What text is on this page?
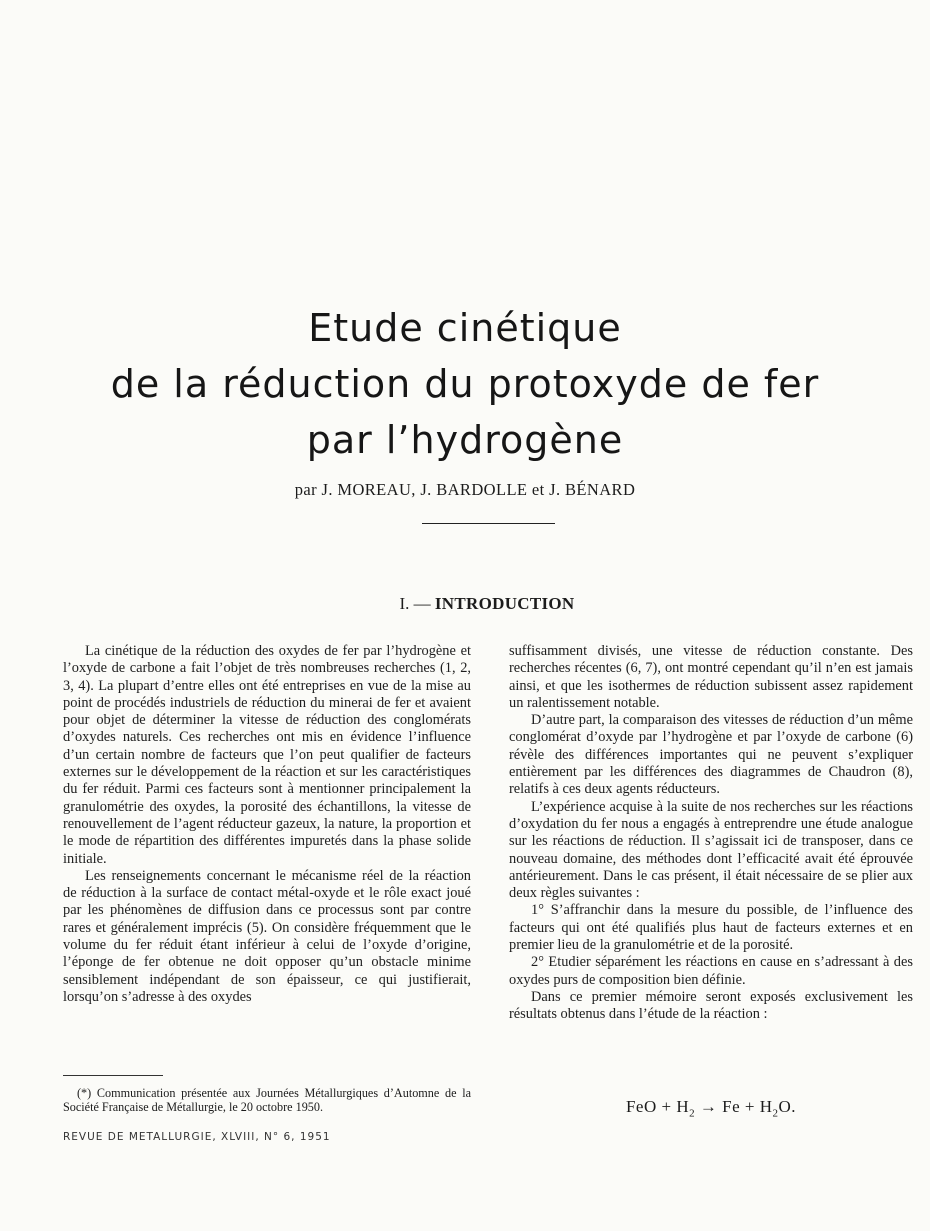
Etude cinétique
de la réduction du protoxyde de fer
par l’hydrogène
par J. MOREAU, J. BARDOLLE et J. BÉNARD
I. — INTRODUCTION

La cinétique de la réduction des oxydes de fer par l’hydrogène et l’oxyde de carbone a fait l’objet de très nombreuses recherches (1, 2, 3, 4). La plupart d’entre elles ont été entreprises en vue de la mise au point de procédés industriels de réduction du minerai de fer et avaient pour objet de déterminer la vitesse de réduction des conglomérats d’oxydes naturels. Ces recherches ont mis en évidence l’influence d’un certain nombre de facteurs que l’on peut qualifier de facteurs externes sur le développement de la réaction et sur les caractéristiques du fer réduit. Parmi ces facteurs sont à mentionner principalement la granulométrie des oxydes, la porosité des échantillons, la vitesse de renouvellement de l’agent réducteur gazeux, la nature, la proportion et le mode de répartition des différentes impuretés dans la phase solide initiale.

Les renseignements concernant le mécanisme réel de la réaction de réduction à la surface de contact métal-oxyde et le rôle exact joué par les phénomènes de diffusion dans ce processus sont par contre rares et généralement imprécis (5). On considère fréquemment que le volume du fer réduit étant inférieur à celui de l’oxyde d’origine, l’éponge de fer obtenue ne doit opposer qu’un obstacle minime sensiblement indépendant de son épaisseur, ce qui justifierait, lorsqu’on s’adresse à des oxydes

suffisamment divisés, une vitesse de réduction constante. Des recherches récentes (6, 7), ont montré cependant qu’il n’en est jamais ainsi, et que les isothermes de réduction subissent assez rapidement un ralentissement notable.

D’autre part, la comparaison des vitesses de réduction d’un même conglomérat d’oxyde par l’hydrogène et par l’oxyde de carbone (6) révèle des différences importantes qui ne peuvent s’expliquer entièrement par les différences des diagrammes de Chaudron (8), relatifs à ces deux agents réducteurs.

L’expérience acquise à la suite de nos recherches sur les réactions d’oxydation du fer nous a engagés à entreprendre une étude analogue sur les réactions de réduction. Il s’agissait ici de transposer, dans ce nouveau domaine, des méthodes dont l’efficacité avait été éprouvée antérieurement. Dans le cas présent, il était nécessaire de se plier aux deux règles suivantes :

1° S’affranchir dans la mesure du possible, de l’influence des facteurs qui ont été qualifiés plus haut de facteurs externes et en premier lieu de la granulométrie et de la porosité.

2° Etudier séparément les réactions en cause en s’adressant à des oxydes purs de composition bien définie.

Dans ce premier mémoire seront exposés exclusivement les résultats obtenus dans l’étude de la réaction :

FeO + $H_2 \to Fe + H_2O$.

(*) Communication présentée aux Journées Métallurgiques d’Automne de la Société Française de Métallurgie, le 20 octobre 1950.

REVUE DE METALLURGIE, XLVIII, N° 6, 1951
